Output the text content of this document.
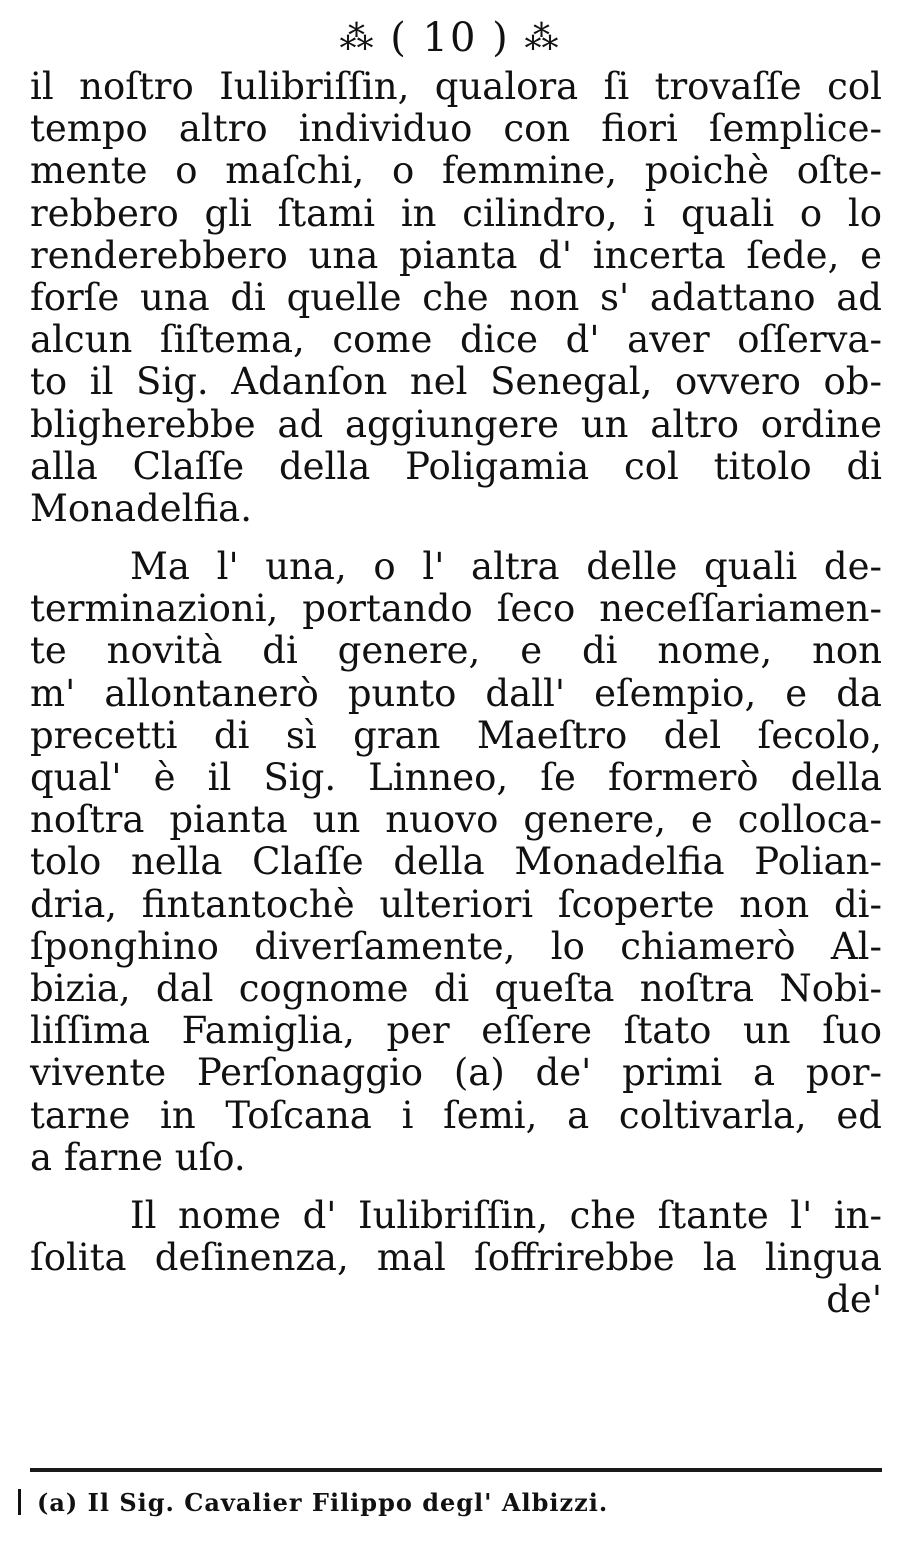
⁂ ( 10 ) ⁂
il noſtro Iulibriſſin, qualora ſi trovaſſe col
tempo altro individuo con fiori ſemplice-
mente o maſchi, o femmine, poichè oſte-
rebbero gli ſtami in cilindro, i quali o lo
renderebbero una pianta d' incerta ſede, e
forſe una di quelle che non s' adattano ad
alcun ſiſtema, come dice d' aver oſſerva-
to il Sig. Adanſon nel Senegal, ovvero ob-
bligherebbe ad aggiungere un altro ordine
alla Claſſe della Poligamia col titolo di
Monadelfia.
Ma l' una, o l' altra delle quali de-
terminazioni, portando ſeco neceſſariamen-
te novità di genere, e di nome, non
m' allontanerò punto dall' eſempio, e da
precetti di sì gran Maeſtro del ſecolo,
qual' è il Sig. Linneo, ſe formerò della
noſtra pianta un nuovo genere, e colloca-
tolo nella Claſſe della Monadelfia Polian-
dria, fintantochè ulteriori ſcoperte non di-
ſponghino diverſamente, lo chiamerò Al-
bizia, dal cognome di queſta noſtra Nobi-
liſſima Famiglia, per eſſere ſtato un ſuo
vivente Perſonaggio (a) de' primi a por-
tarne in Toſcana i ſemi, a coltivarla, ed
a farne uſo.
Il nome d' Iulibriſſin, che ſtante l' in-
ſolita deſinenza, mal ſoffrirebbe la lingua
de'
(a) Il Sig. Cavalier Filippo degl' Albizzi.
